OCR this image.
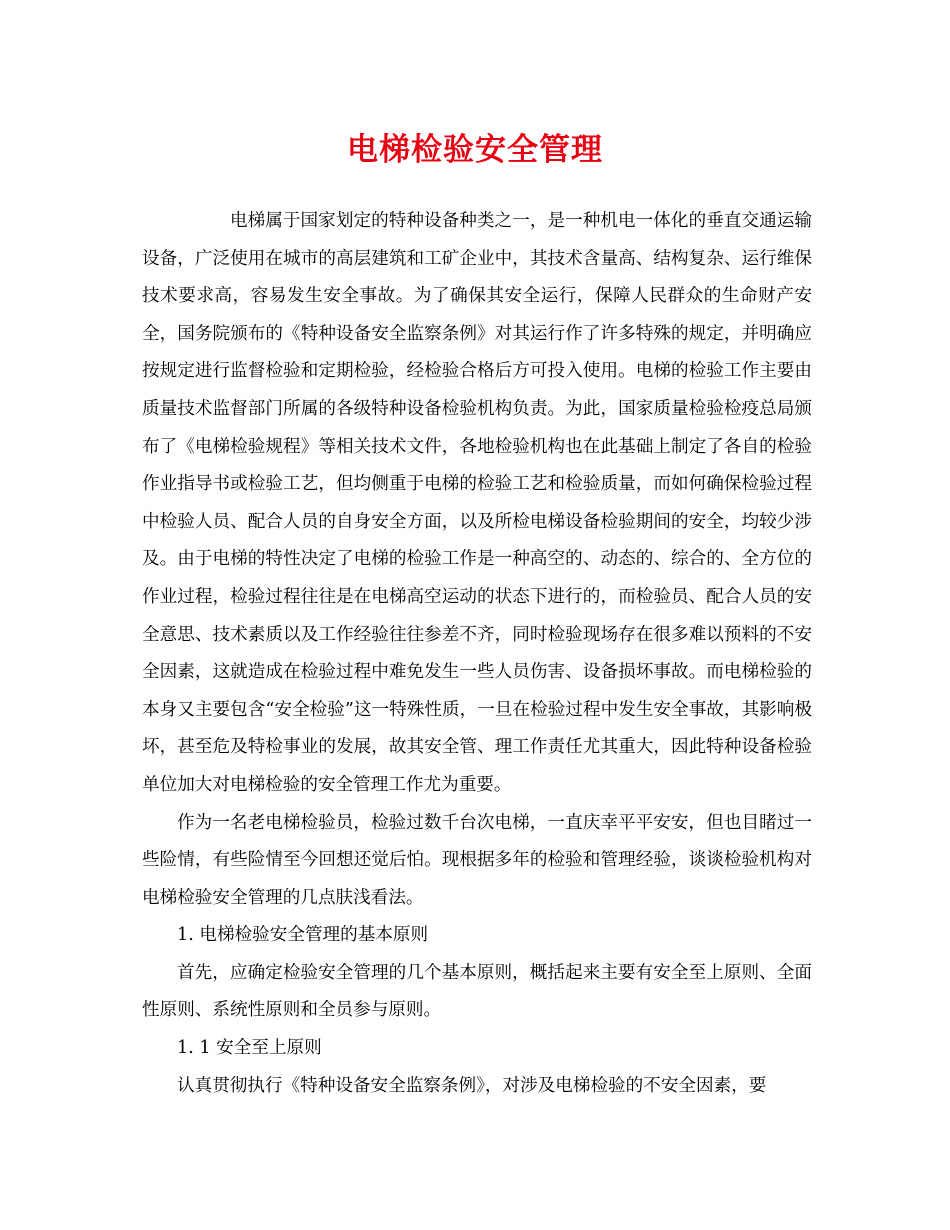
电梯检验安全管理

电梯属于国家划定的特种设备种类之一，是一种机电一体化的垂直交通运输设备，广泛使用在城市的高层建筑和工矿企业中，其技术含量高、结构复杂、运行维保技术要求高，容易发生安全事故。为了确保其安全运行，保障人民群众的生命财产安全，国务院颁布的《特种设备安全监察条例》对其运行作了许多特殊的规定，并明确应按规定进行监督检验和定期检验，经检验合格后方可投入使用。电梯的检验工作主要由质量技术监督部门所属的各级特种设备检验机构负责。为此，国家质量检验检疫总局颁布了《电梯检验规程》等相关技术文件，各地检验机构也在此基础上制定了各自的检验作业指导书或检验工艺，但均侧重于电梯的检验工艺和检验质量，而如何确保检验过程中检验人员、配合人员的自身安全方面，以及所检电梯设备检验期间的安全，均较少涉及。由于电梯的特性决定了电梯的检验工作是一种高空的、动态的、综合的、全方位的作业过程，检验过程往往是在电梯高空运动的状态下进行的，而检验员、配合人员的安全意思、技术素质以及工作经验往往参差不齐，同时检验现场存在很多难以预料的不安全因素，这就造成在检验过程中难免发生一些人员伤害、设备损坏事故。而电梯检验的本身又主要包含“安全检验”这一特殊性质，一旦在检验过程中发生安全事故，其影响极坏，甚至危及特检事业的发展，故其安全管、理工作责任尤其重大，因此特种设备检验单位加大对电梯检验的安全管理工作尤为重要。

作为一名老电梯检验员，检验过数千台次电梯，一直庆幸平平安安，但也目睹过一些险情，有些险情至今回想还觉后怕。现根据多年的检验和管理经验，谈谈检验机构对电梯检验安全管理的几点肤浅看法。

1. 电梯检验安全管理的基本原则

首先，应确定检验安全管理的几个基本原则，概括起来主要有安全至上原则、全面性原则、系统性原则和全员参与原则。

1. 1 安全至上原则

认真贯彻执行《特种设备安全监察条例》，对涉及电梯检验的不安全因素，要
